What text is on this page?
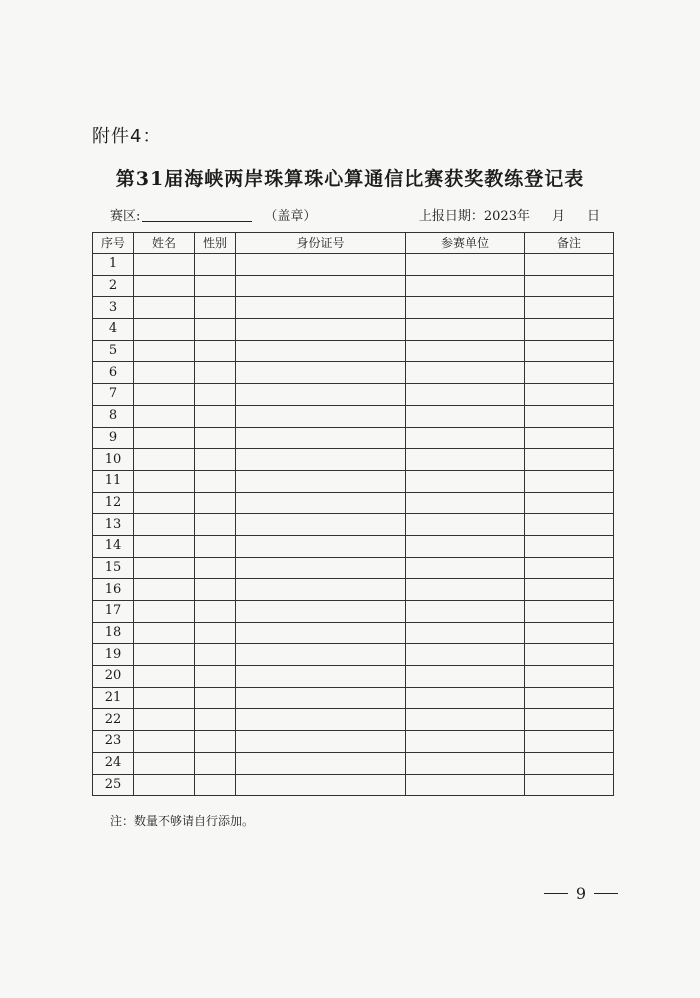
附件4：
第31届海峡两岸珠算珠心算通信比赛获奖教练登记表
赛区:	（盖章）	上报日期：2023年 月 日
序号	姓名	性别	身份证号	参赛单位	备注
1					
2					
3					
4					
5					
6					
7					
8					
9					
10					
11					
12					
13					
14					
15					
16					
17					
18					
19					
20					
21					
22					
23					
24					
25					
注：数量不够请自行添加。
9
